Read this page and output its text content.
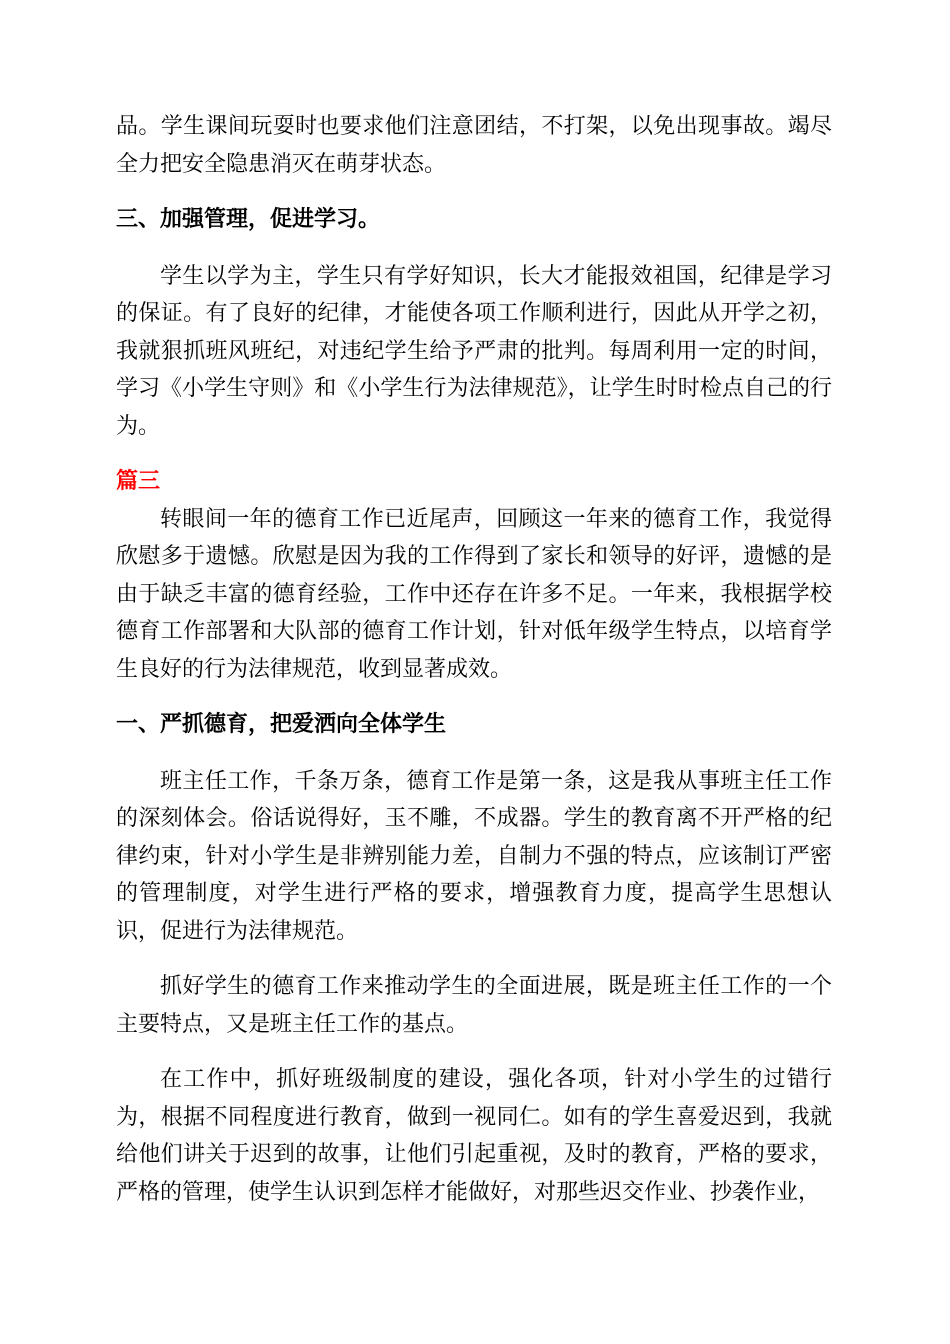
品。学生课间玩耍时也要求他们注意团结，不打架，以免出现事故。竭尽全力把安全隐患消灭在萌芽状态。

三、加强管理，促进学习。

学生以学为主，学生只有学好知识，长大才能报效祖国，纪律是学习的保证。有了良好的纪律，才能使各项工作顺利进行，因此从开学之初，我就狠抓班风班纪，对违纪学生给予严肃的批判。每周利用一定的时间，学习《小学生守则》和《小学生行为法律规范》，让学生时时检点自己的行为。

篇三

转眼间一年的德育工作已近尾声，回顾这一年来的德育工作，我觉得欣慰多于遗憾。欣慰是因为我的工作得到了家长和领导的好评，遗憾的是由于缺乏丰富的德育经验，工作中还存在许多不足。一年来，我根据学校德育工作部署和大队部的德育工作计划，针对低年级学生特点，以培育学生良好的行为法律规范，收到显著成效。

一、严抓德育，把爱洒向全体学生

班主任工作，千条万条，德育工作是第一条，这是我从事班主任工作的深刻体会。俗话说得好，玉不雕，不成器。学生的教育离不开严格的纪律约束，针对小学生是非辨别能力差，自制力不强的特点，应该制订严密的管理制度，对学生进行严格的要求，增强教育力度，提高学生思想认识，促进行为法律规范。

抓好学生的德育工作来推动学生的全面进展，既是班主任工作的一个主要特点，又是班主任工作的基点。

在工作中，抓好班级制度的建设，强化各项，针对小学生的过错行为，根据不同程度进行教育，做到一视同仁。如有的学生喜爱迟到，我就给他们讲关于迟到的故事，让他们引起重视，及时的教育，严格的要求，严格的管理，使学生认识到怎样才能做好，对那些迟交作业、抄袭作业，
